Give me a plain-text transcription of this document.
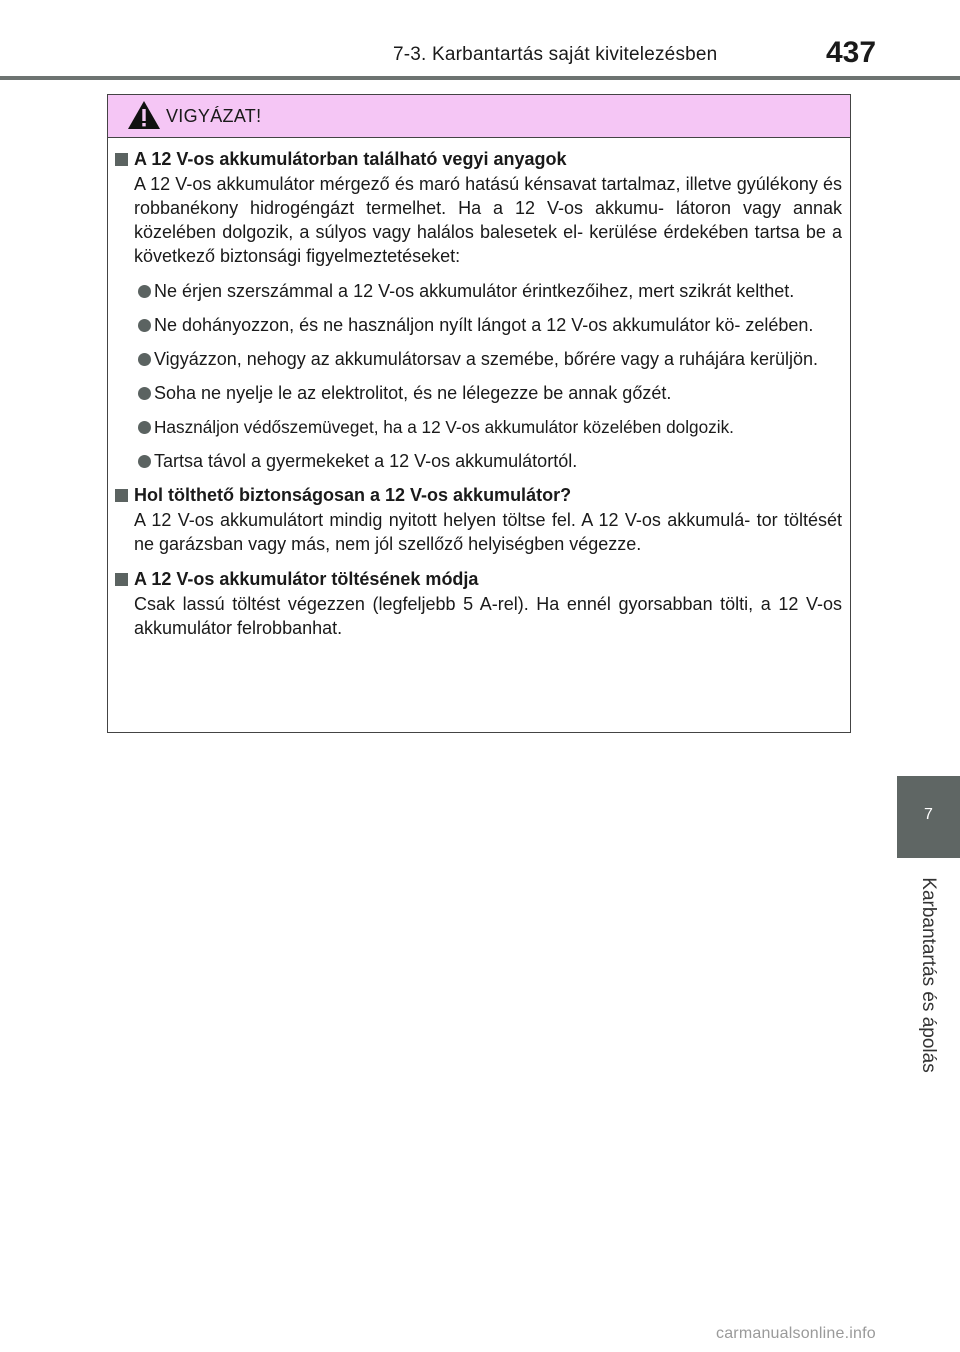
7-3. Karbantartás saját kivitelezésben	437
VIGYÁZAT!
A 12 V-os akkumulátorban található vegyi anyagok
A 12 V-os akkumulátor mérgező és maró hatású kénsavat tartalmaz, illetve gyúlékony és robbanékony hidrogéngázt termelhet. Ha a 12 V-os akkumu- látoron vagy annak közelében dolgozik, a súlyos vagy halálos balesetek el- kerülése érdekében tartsa be a következő biztonsági figyelmeztetéseket:
Ne érjen szerszámmal a 12 V-os akkumulátor érintkezőihez, mert szikrát kelthet.
Ne dohányozzon, és ne használjon nyílt lángot a 12 V-os akkumulátor kö- zelében.
Vigyázzon, nehogy az akkumulátorsav a szemébe, bőrére vagy a ruhájára kerüljön.
Soha ne nyelje le az elektrolitot, és ne lélegezze be annak gőzét.
Használjon védőszemüveget, ha a 12 V-os akkumulátor közelében dolgozik.
Tartsa távol a gyermekeket a 12 V-os akkumulátortól.
Hol tölthető biztonságosan a 12 V-os akkumulátor?
A 12 V-os akkumulátort mindig nyitott helyen töltse fel. A 12 V-os akkumulá- tor töltését ne garázsban vagy más, nem jól szellőző helyiségben végezze.
A 12 V-os akkumulátor töltésének módja
Csak lassú töltést végezzen (legfeljebb 5 A-rel). Ha ennél gyorsabban tölti, a 12 V-os akkumulátor felrobbanhat.
7
Karbantartás és ápolás
carmanualsonline.info
